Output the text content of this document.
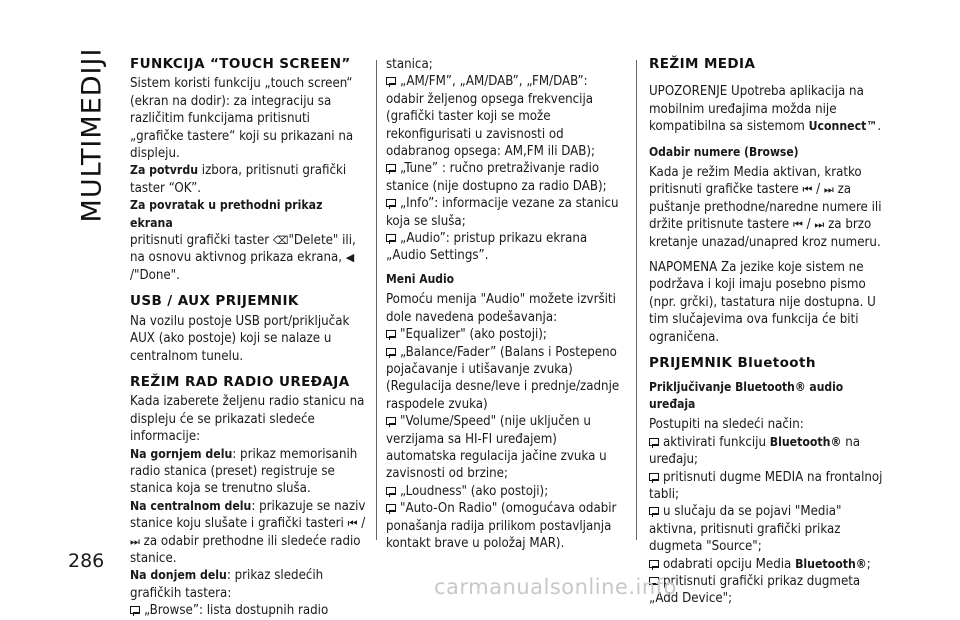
MULTIMEDIJI FUNKCIJA “TOUCH SCREEN”

Sistem koristi funkciju „touch screen“ (ekran na dodir): za integraciju sa različitim funkcijama pritisnuti „grafičke tastere“ koji su prikazani na displeju.

Za potvrdu izbora, pritisnuti grafički taster “OK”.

Za povratak u prethodni prikaz ekrana

pritisnuti grafički taster ⌫"Delete" ili, na osnovu aktivnog prikaza ekrana, ◀
/"Done".

USB / AUX PRIJEMNIK

Na vozilu postoje USB port/priključak AUX (ako postoje) koji se nalaze u centralnom tunelu.

REŽIM RAD RADIO UREĐAJA

Kada izaberete željenu radio stanicu na displeju će se prikazati sledeće informacije:

Na gornjem delu: prikaz memorisanih radio stanica (preset) registruje se stanica koja se trenutno sluša.

Na centralnom delu: prikazuje se naziv stanice koju slušate i grafički tasteri ⏮ / ⏭ za odabir prethodne ili sledeće radio stanice.

Na donjem delu: prikaz sledećih grafičkih tastera:

„Browse”: lista dostupnih radio

stanica;

„AM/FM”, „AM/DAB”, „FM/DAB”: odabir željenog opsega frekvencija (grafički taster koji se može rekonfigurisati u zavisnosti od odabranog opsega: AM,FM ili DAB);

„Tune” : ručno pretraživanje radio stanice (nije dostupno za radio DAB);

„Info”: informacije vezane za stanicu koja se sluša;

„Audio”: pristup prikazu ekrana „Audio Settings”.

Meni Audio

Pomoću menija "Audio" možete izvršiti dole navedena podešavanja:

"Equalizer" (ako postoji);

„Balance/Fader” (Balans i Postepeno pojačavanje i utišavanje zvuka) (Regulacija desne/leve i prednje/zadnje raspodele zvuka)

"Volume/Speed" (nije uključen u verzijama sa HI-FI uređajem) automatska regulacija jačine zvuka u zavisnosti od brzine;

„Loudness" (ako postoji);

"Auto-On Radio" (omogućava odabir ponašanja radija prilikom postavljanja kontakt brave u položaj MAR).

REŽIM MEDIA

UPOZORENJE Upotreba aplikacija na mobilnim uređajima možda nije kompatibilna sa sistemom Uconnect™.

Odabir numere (Browse)

Kada je režim Media aktivan, kratko pritisnuti grafičke tastere ⏮ / ⏭ za puštanje prethodne/naredne numere ili držite pritisnute tastere ⏮ / ⏭ za brzo kretanje unazad/unapred kroz numeru.

NAPOMENA Za jezike koje sistem ne podržava i koji imaju posebno pismo (npr. grčki), tastatura nije dostupna. U tim slučajevima ova funkcija će biti ograničena.

PRIJEMNIK Bluetooth
Priključivanje Bluetooth® audio uređaja

Postupiti na sledeći način:

aktivirati funkciju Bluetooth® na uređaju;

pritisnuti dugme MEDIA na frontalnoj tabli;

u slučaju da se pojavi "Media" aktivna, pritisnuti grafički prikaz dugmeta "Source";

odabrati opciju Media Bluetooth®;

pritisnuti grafički prikaz dugmeta „Add Device";

286
carmanualsonline.info
